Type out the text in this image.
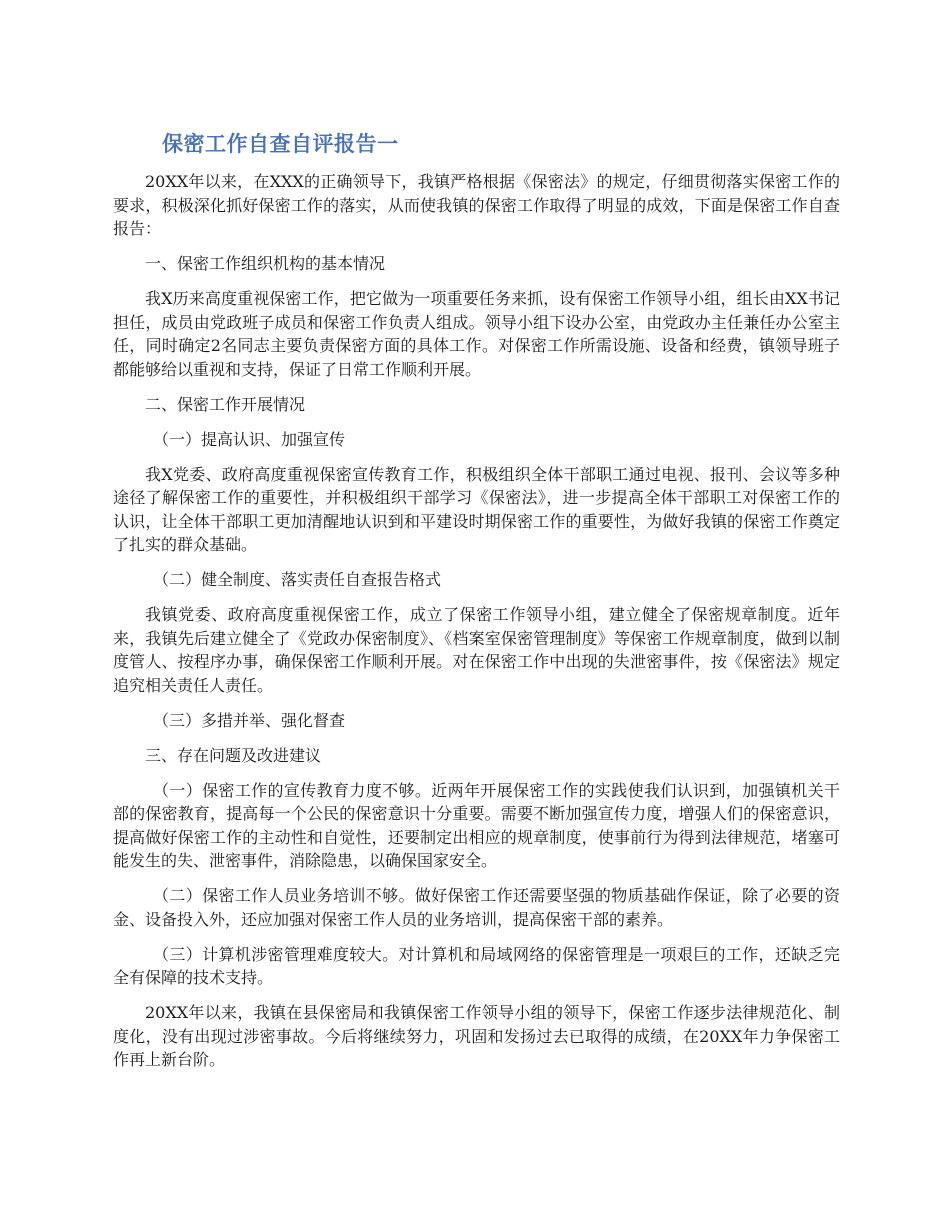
保密工作自查自评报告一

20XX年以来，在XXX的正确领导下，我镇严格根据《保密法》的规定，仔细贯彻落实保密工作的要求，积极深化抓好保密工作的落实，从而使我镇的保密工作取得了明显的成效，下面是保密工作自查报告：

一、保密工作组织机构的基本情况

我X历来高度重视保密工作，把它做为一项重要任务来抓，设有保密工作领导小组，组长由XX书记担任，成员由党政班子成员和保密工作负责人组成。领导小组下设办公室，由党政办主任兼任办公室主任，同时确定2名同志主要负责保密方面的具体工作。对保密工作所需设施、设备和经费，镇领导班子都能够给以重视和支持，保证了日常工作顺利开展。

二、保密工作开展情况

（一）提高认识、加强宣传

我X党委、政府高度重视保密宣传教育工作，积极组织全体干部职工通过电视、报刊、会议等多种途径了解保密工作的重要性，并积极组织干部学习《保密法》，进一步提高全体干部职工对保密工作的认识，让全体干部职工更加清醒地认识到和平建设时期保密工作的重要性，为做好我镇的保密工作奠定了扎实的群众基础。

（二）健全制度、落实责任自查报告格式

我镇党委、政府高度重视保密工作，成立了保密工作领导小组，建立健全了保密规章制度。近年来，我镇先后建立健全了《党政办保密制度》、《档案室保密管理制度》等保密工作规章制度，做到以制度管人、按程序办事，确保保密工作顺利开展。对在保密工作中出现的失泄密事件，按《保密法》规定追究相关责任人责任。

（三）多措并举、强化督查

三、存在问题及改进建议

（一）保密工作的宣传教育力度不够。近两年开展保密工作的实践使我们认识到，加强镇机关干部的保密教育，提高每一个公民的保密意识十分重要。需要不断加强宣传力度，增强人们的保密意识，提高做好保密工作的主动性和自觉性，还要制定出相应的规章制度，使事前行为得到法律规范，堵塞可能发生的失、泄密事件，消除隐患，以确保国家安全。

（二）保密工作人员业务培训不够。做好保密工作还需要坚强的物质基础作保证，除了必要的资金、设备投入外，还应加强对保密工作人员的业务培训，提高保密干部的素养。

（三）计算机涉密管理难度较大。对计算机和局域网络的保密管理是一项艰巨的工作，还缺乏完全有保障的技术支持。

20XX年以来，我镇在县保密局和我镇保密工作领导小组的领导下，保密工作逐步法律规范化、制度化，没有出现过涉密事故。今后将继续努力，巩固和发扬过去已取得的成绩，在20XX年力争保密工作再上新台阶。
